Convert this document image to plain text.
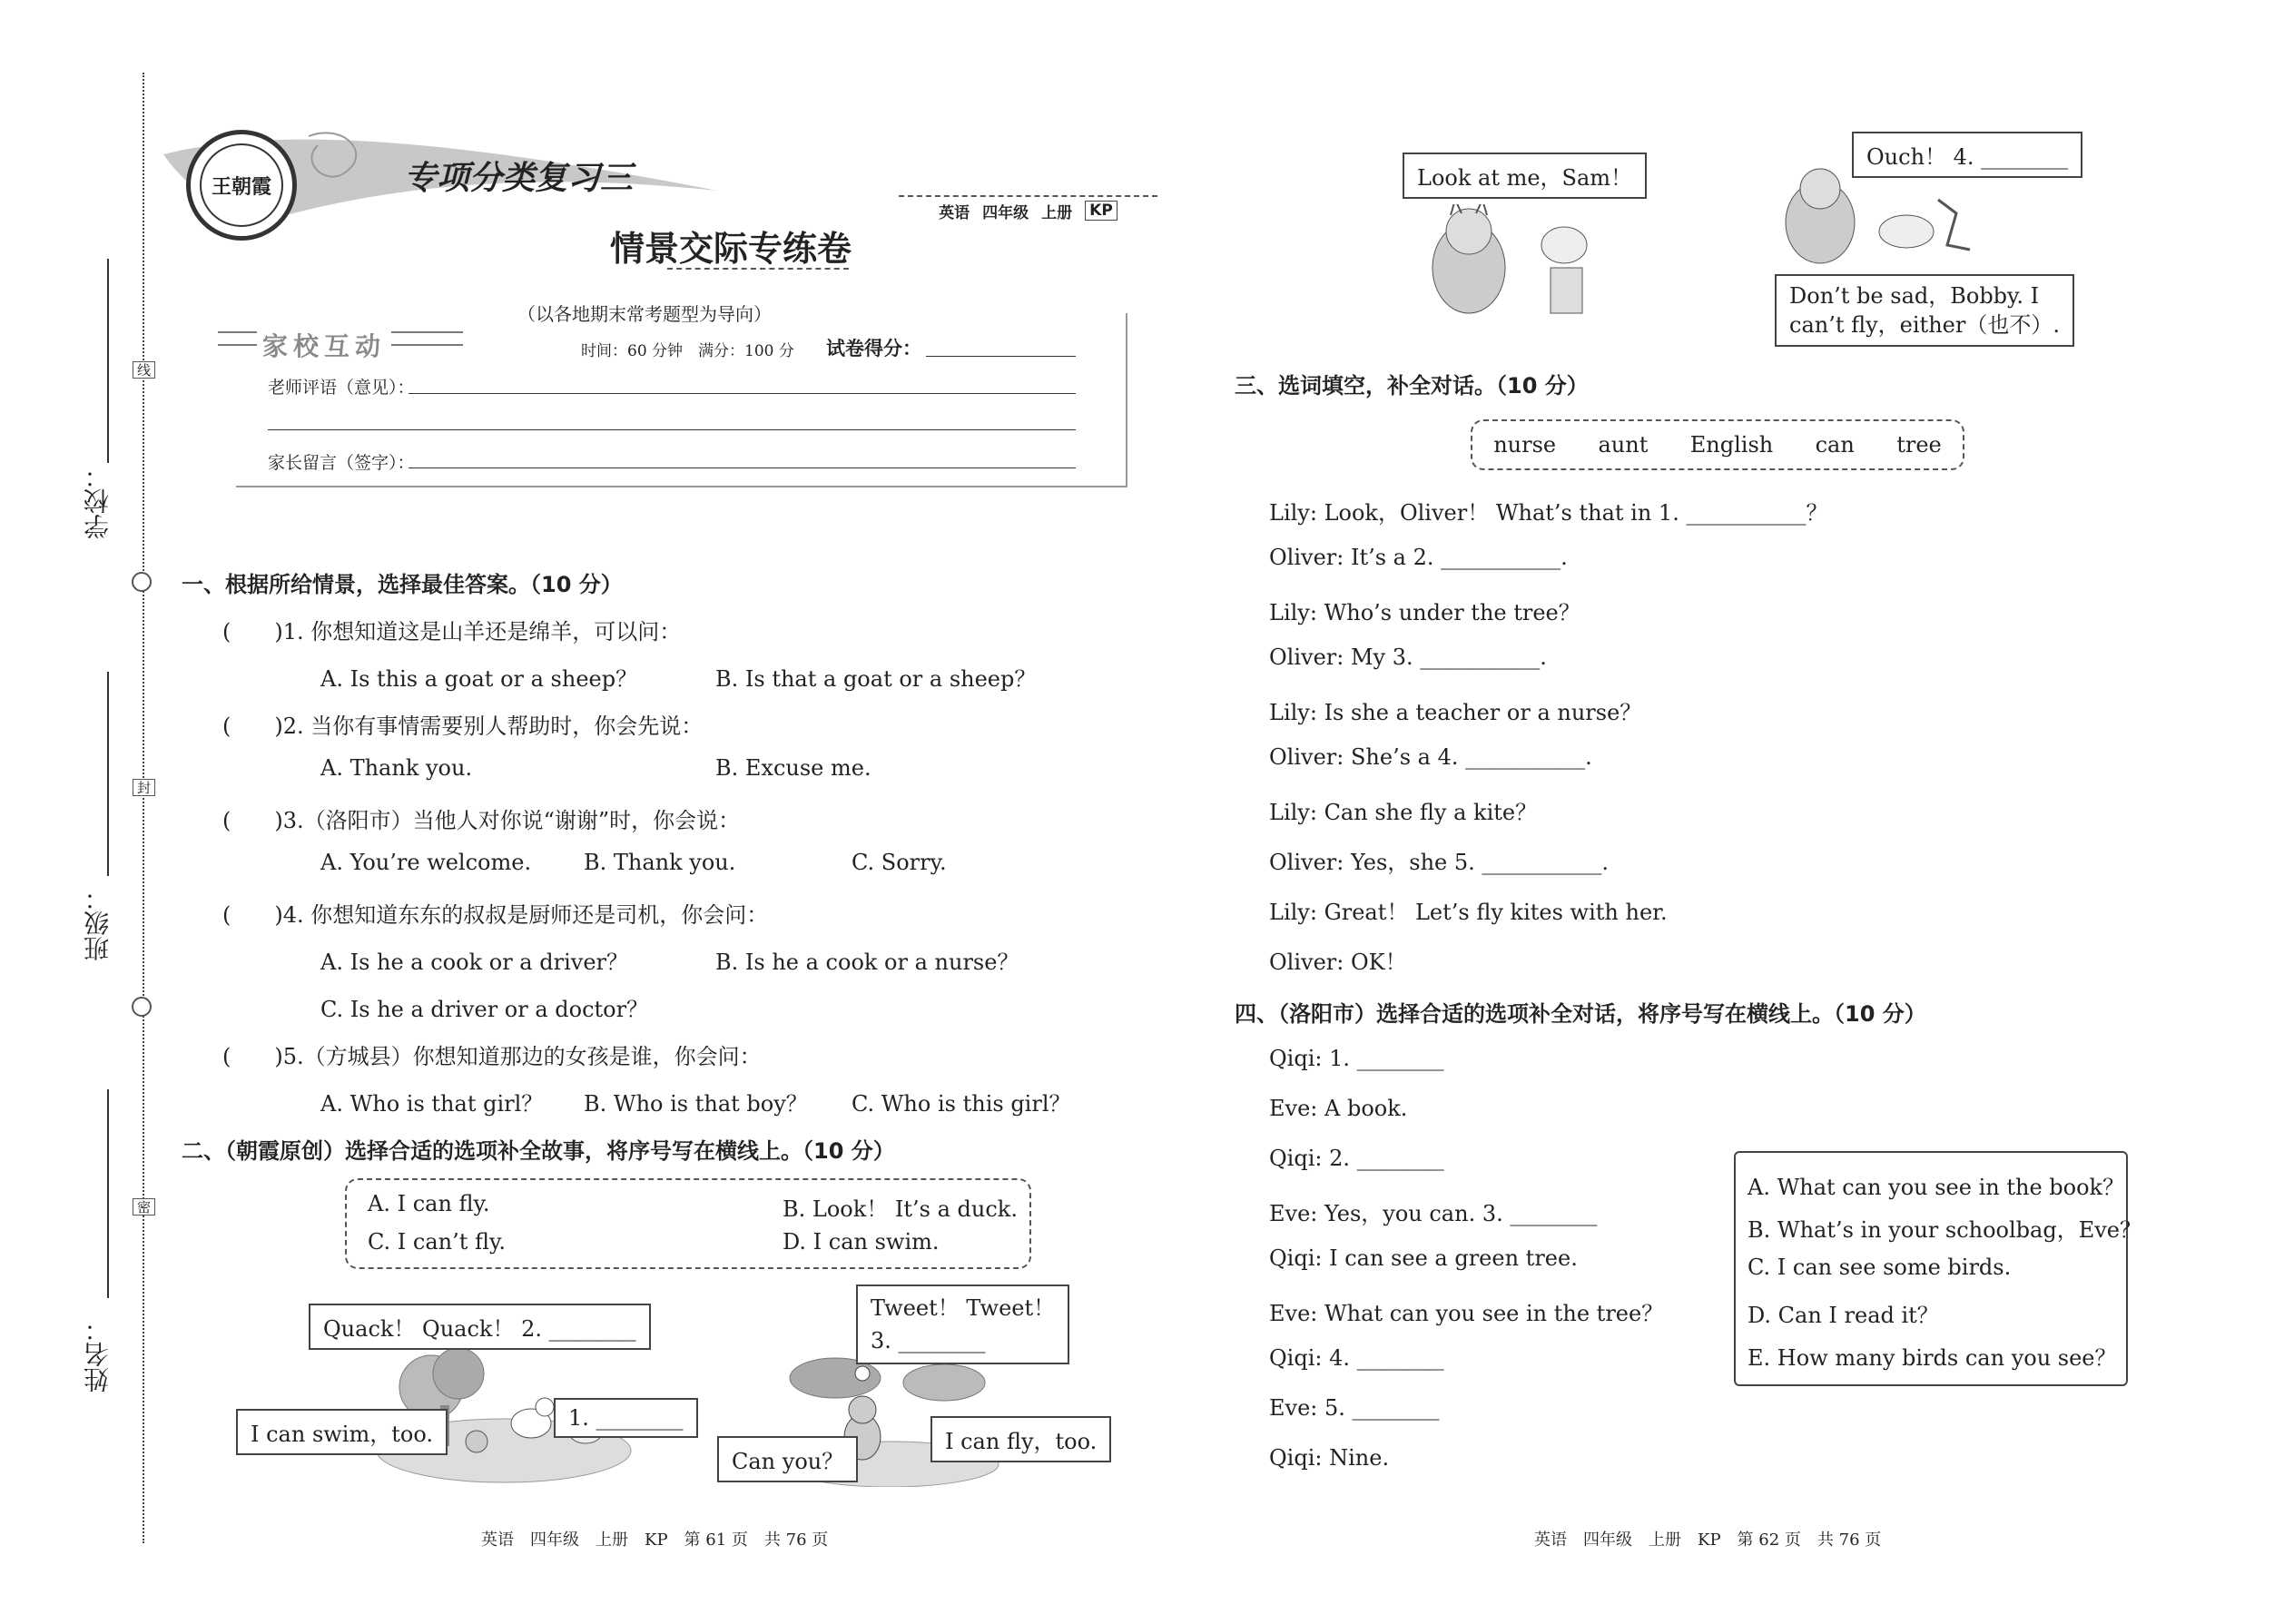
学校：
班级：
姓名：
线
封
密
王朝霞	专项分类复习三
情景交际专练卷
英语 四年级 上册 KP
（以各地期末常考题型为导向）
家校互动	时间：60 分钟　满分：100 分 试卷得分：
老师评语（意见）：
家长留言（签字）：
一、根据所给情景，选择最佳答案。（10 分）
(　　)1. 你想知道这是山羊还是绵羊，可以问：
A. Is this a goat or a sheep？	B. Is that a goat or a sheep？
(　　)2. 当你有事情需要别人帮助时，你会先说：
A. Thank you.	B. Excuse me.
(　　)3.（洛阳市）当他人对你说“谢谢”时，你会说：
A. You’re welcome. B. Thank you.	C. Sorry.
(　　)4. 你想知道东东的叔叔是厨师还是司机，你会问：
A. Is he a cook or a driver？	B. Is he a cook or a nurse？
C. Is he a driver or a doctor？
(　　)5.（方城县）你想知道那边的女孩是谁，你会问：
A. Who is that girl？ B. Who is that boy？ C. Who is this girl？
二、（朝霞原创）选择合适的选项补全故事，将序号写在横线上。（10 分）
A. I can fly.	B. Look！ It’s a duck.
C. I can’t fly.	D. I can swim.
Quack！ Quack！ 2. ________
I can swim，too.
1. ________
Tweet！ Tweet！
3. ________
Can you？
I can fly，too.
Look at me，Sam！
Ouch！ 4. ________
Don’t be sad，Bobby. I
can’t fly，either（也不）.
三、选词填空，补全对话。（10 分）
nurse aunt English can tree
Lily: Look，Oliver！ What’s that in 1. ___________？
Oliver: It’s a 2. ___________.
Lily: Who’s under the tree？
Oliver: My 3. ___________.
Lily: Is she a teacher or a nurse？
Oliver: She’s a 4. ___________.
Lily: Can she fly a kite？
Oliver: Yes，she 5. ___________.
Lily: Great！ Let’s fly kites with her.
Oliver: OK！
四、（洛阳市）选择合适的选项补全对话，将序号写在横线上。（10 分）
Qiqi: 1. ________
Eve: A book.
Qiqi: 2. ________
Eve: Yes，you can. 3. ________
Qiqi: I can see a green tree.
Eve: What can you see in the tree？
Qiqi: 4. ________
Eve: 5. ________
Qiqi: Nine.
A. What can you see in the book？
B. What’s in your schoolbag，Eve？
C. I can see some birds.
D. Can I read it？
E. How many birds can you see？
英语　四年级　上册　KP　第 61 页　共 76 页	英语　四年级　上册　KP　第 62 页　共 76 页
